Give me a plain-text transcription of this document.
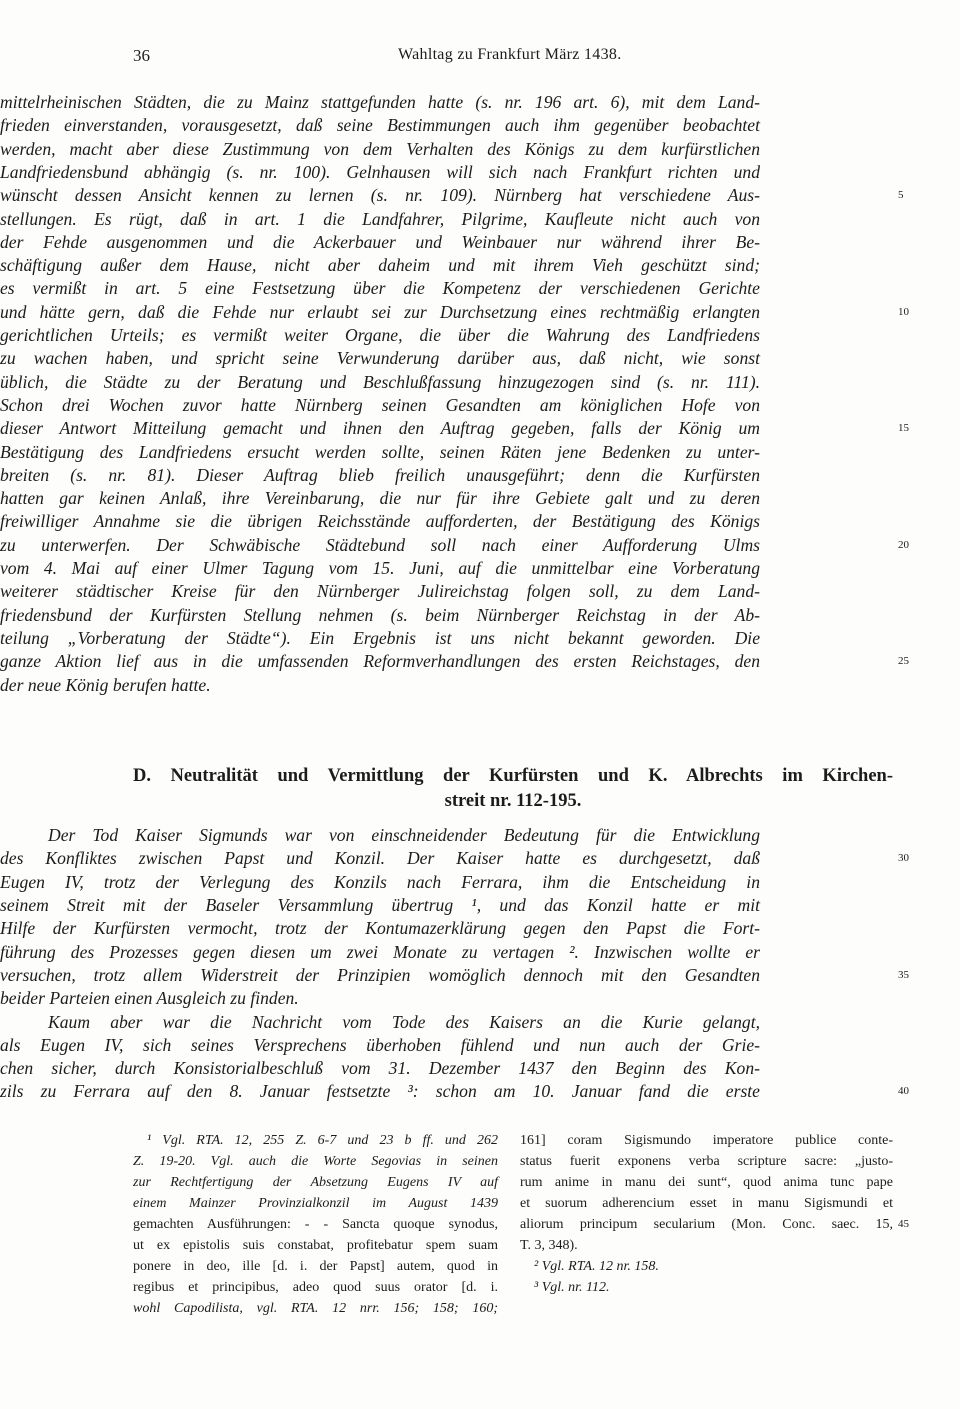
36	Wahltag zu Frankfurt März 1438.
mittelrheinischen Städten, die zu Mainz stattgefunden hatte (s. nr. 196 art. 6), mit dem Land-
frieden einverstanden, vorausgesetzt, daß seine Bestimmungen auch ihm gegenüber beobachtet
werden, macht aber diese Zustimmung von dem Verhalten des Königs zu dem kurfürstlichen
Landfriedensbund abhängig (s. nr. 100). Gelnhausen will sich nach Frankfurt richten und
wünscht dessen Ansicht kennen zu lernen (s. nr. 109). Nürnberg hat verschiedene Aus-
stellungen. Es rügt, daß in art. 1 die Landfahrer, Pilgrime, Kaufleute nicht auch von
der Fehde ausgenommen und die Ackerbauer und Weinbauer nur während ihrer Be-
schäftigung außer dem Hause, nicht aber daheim und mit ihrem Vieh geschützt sind;
es vermißt in art. 5 eine Festsetzung über die Kompetenz der verschiedenen Gerichte
und hätte gern, daß die Fehde nur erlaubt sei zur Durchsetzung eines rechtmäßig erlangten
gerichtlichen Urteils; es vermißt weiter Organe, die über die Wahrung des Landfriedens
zu wachen haben, und spricht seine Verwunderung darüber aus, daß nicht, wie sonst
üblich, die Städte zu der Beratung und Beschlußfassung hinzugezogen sind (s. nr. 111).
Schon drei Wochen zuvor hatte Nürnberg seinen Gesandten am königlichen Hofe von
dieser Antwort Mitteilung gemacht und ihnen den Auftrag gegeben, falls der König um
Bestätigung des Landfriedens ersucht werden sollte, seinen Räten jene Bedenken zu unter-
breiten (s. nr. 81). Dieser Auftrag blieb freilich unausgeführt; denn die Kurfürsten
hatten gar keinen Anlaß, ihre Vereinbarung, die nur für ihre Gebiete galt und zu deren
freiwilliger Annahme sie die übrigen Reichsstände aufforderten, der Bestätigung des Königs
zu unterwerfen. Der Schwäbische Städtebund soll nach einer Aufforderung Ulms
vom 4. Mai auf einer Ulmer Tagung vom 15. Juni, auf die unmittelbar eine Vorberatung
weiterer städtischer Kreise für den Nürnberger Julireichstag folgen soll, zu dem Land-
friedensbund der Kurfürsten Stellung nehmen (s. beim Nürnberger Reichstag in der Ab-
teilung „Vorberatung der Städte“). Ein Ergebnis ist uns nicht bekannt geworden. Die
ganze Aktion lief aus in die umfassenden Reformverhandlungen des ersten Reichstages, den
der neue König berufen hatte.
5
10
15
20
25
D. Neutralität und Vermittlung der Kurfürsten und K. Albrechts im Kirchen-
streit nr. 112-195.
Der Tod Kaiser Sigmunds war von einschneidender Bedeutung für die Entwicklung
des Konfliktes zwischen Papst und Konzil. Der Kaiser hatte es durchgesetzt, daß
Eugen IV, trotz der Verlegung des Konzils nach Ferrara, ihm die Entscheidung in
seinem Streit mit der Baseler Versammlung übertrug ¹, und das Konzil hatte er mit
Hilfe der Kurfürsten vermocht, trotz der Kontumazerklärung gegen den Papst die Fort-
führung des Prozesses gegen diesen um zwei Monate zu vertagen ². Inzwischen wollte er
versuchen, trotz allem Widerstreit der Prinzipien womöglich dennoch mit den Gesandten
beider Parteien einen Ausgleich zu finden.
Kaum aber war die Nachricht vom Tode des Kaisers an die Kurie gelangt,
als Eugen IV, sich seines Versprechens überhoben fühlend und nun auch der Grie-
chen sicher, durch Konsistorialbeschluß vom 31. Dezember 1437 den Beginn des Kon-
zils zu Ferrara auf den 8. Januar festsetzte ³: schon am 10. Januar fand die erste
30
35
40
¹ Vgl. RTA. 12, 255 Z. 6-7 und 23 b ff. und 262
Z. 19-20. Vgl. auch die Worte Segovias in seinen
zur Rechtfertigung der Absetzung Eugens IV auf
einem Mainzer Provinzialkonzil im August 1439
gemachten Ausführungen: - - Sancta quoque synodus,
ut ex epistolis suis constabat, profitebatur spem suam
ponere in deo, ille [d. i. der Papst] autem, quod in
regibus et principibus, adeo quod suus orator [d. i.
wohl Capodilista, vgl. RTA. 12 nrr. 156; 158; 160;
161] coram Sigismundo imperatore publice conte-
status fuerit exponens verba scripture sacre: „justo-
rum anime in manu dei sunt“, quod anima tunc pape
et suorum adherencium esset in manu Sigismundi et
aliorum principum secularium (Mon. Conc. saec. 15,
T. 3, 348).
² Vgl. RTA. 12 nr. 158.
³ Vgl. nr. 112.
45
